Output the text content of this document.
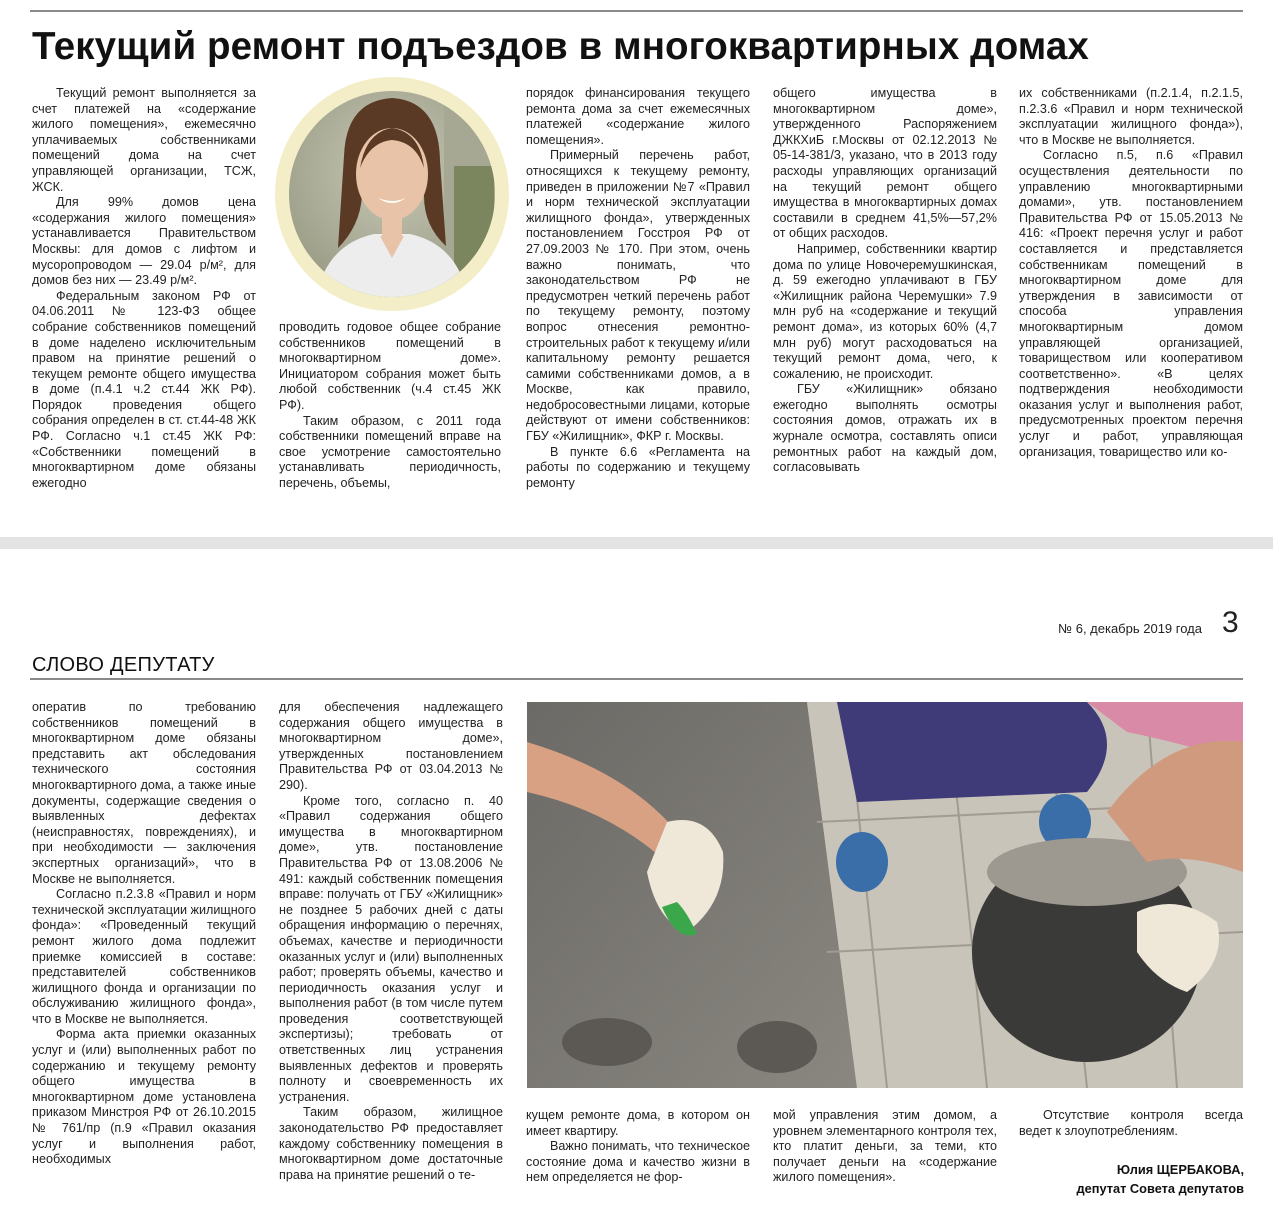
Текущий ремонт подъездов в многоквартирных домах

Текущий ремонт выполняется за счет платежей на «содержание жилого помещения», ежемесячно уплачиваемых собственниками помещений дома на счет управляющей организации, ТСЖ, ЖСК.

Для 99% домов цена «содержания жилого помещения» устанавливается Правительством Москвы: для домов с лифтом и мусоропроводом — 29.04 р/м², для домов без них — 23.49 р/м².

Федеральным законом РФ от 04.06.2011 № 123-ФЗ общее собрание собственников помещений в доме наделено исключительным правом на принятие решений о текущем ремонте общего имущества в доме (п.4.1 ч.2 ст.44 ЖК РФ). Порядок проведения общего собрания определен в ст. ст.44-48 ЖК РФ. Согласно ч.1 ст.45 ЖК РФ: «Собственники помещений в многоквартирном доме обязаны ежегодно

проводить годовое общее собрание собственников помещений в многоквартирном доме». Инициатором собрания может быть любой собственник (ч.4 ст.45 ЖК РФ).

Таким образом, с 2011 года собственники помещений вправе на свое усмотрение самостоятельно устанавливать периодичность, перечень, объемы,

порядок финансирования текущего ремонта дома за счет ежемесячных платежей «содержание жилого помещения».

Примерный перечень работ, относящихся к текущему ремонту, приведен в приложении №7 «Правил и норм технической эксплуатации жилищного фонда», утвержденных постановлением Госстроя РФ от 27.09.2003 № 170. При этом, очень важно понимать, что законодательством РФ не предусмотрен четкий перечень работ по текущему ремонту, поэтому вопрос отнесения ремонтно-строительных работ к текущему и/или капитальному ремонту решается самими собственниками домов, а в Москве, как правило, недобросовестными лицами, которые действуют от имени собственников: ГБУ «Жилищник», ФКР г. Москвы.

В пункте 6.6 «Регламента на работы по содержанию и текущему ремонту

общего имущества в многоквартирном доме», утвержденного Распоряжением ДЖКХиБ г.Москвы от 02.12.2013 № 05-14-381/3, указано, что в 2013 году расходы управляющих организаций на текущий ремонт общего имущества в многоквартирных домах составили в среднем 41,5%—57,2% от общих расходов.

Например, собственники квартир дома по улице Новочеремушкинская, д. 59 ежегодно уплачивают в ГБУ «Жилищник района Черемушки» 7.9 млн руб на «содержание и текущий ремонт дома», из которых 60% (4,7 млн руб) могут расходоваться на текущий ремонт дома, чего, к сожалению, не происходит.

ГБУ «Жилищник» обязано ежегодно выполнять осмотры состояния домов, отражать их в журнале осмотра, составлять описи ремонтных работ на каждый дом, согласовывать

их собственниками (п.2.1.4, п.2.1.5, п.2.3.6 «Правил и норм технической эксплуатации жилищного фонда»), что в Москве не выполняется.

Согласно п.5, п.6 «Правил осуществления деятельности по управлению многоквартирными домами», утв. постановлением Правительства РФ от 15.05.2013 № 416: «Проект перечня услуг и работ составляется и представляется собственникам помещений в многоквартирном доме для утверждения в зависимости от способа управления многоквартирным домом управляющей организацией, товариществом или кооперативом соответственно». «В целях подтверждения необходимости оказания услуг и выполнения работ, предусмотренных проектом перечня услуг и работ, управляющая организация, товарищество или ко-

№ 6, декабрь 2019 года 3
СЛОВО ДЕПУТАТУ

оператив по требованию собственников помещений в многоквартирном доме обязаны представить акт обследования технического состояния многоквартирного дома, а также иные документы, содержащие сведения о выявленных дефектах (неисправностях, повреждениях), и при необходимости — заключения экспертных организаций», что в Москве не выполняется.

Согласно п.2.3.8 «Правил и норм технической эксплуатации жилищного фонда»: «Проведенный текущий ремонт жилого дома подлежит приемке комиссией в составе: представителей собственников жилищного фонда и организации по обслуживанию жилищного фонда», что в Москве не выполняется.

Форма акта приемки оказанных услуг и (или) выполненных работ по содержанию и текущему ремонту общего имущества в многоквартирном доме установлена приказом Минстроя РФ от 26.10.2015 № 761/пр (п.9 «Правил оказания услуг и выполнения работ, необходимых

для обеспечения надлежащего содержания общего имущества в многоквартирном доме», утвержденных постановлением Правительства РФ от 03.04.2013 № 290).

Кроме того, согласно п. 40 «Правил содержания общего имущества в многоквартирном доме», утв. постановление Правительства РФ от 13.08.2006 № 491: каждый собственник помещения вправе: получать от ГБУ «Жилищник» не позднее 5 рабочих дней с даты обращения информацию о перечнях, объемах, качестве и периодичности оказанных услуг и (или) выполненных работ; проверять объемы, качество и периодичность оказания услуг и выполнения работ (в том числе путем проведения соответствующей экспертизы); требовать от ответственных лиц устранения выявленных дефектов и проверять полноту и своевременность их устранения.

Таким образом, жилищное законодательство РФ предоставляет каждому собственнику помещения в многоквартирном доме достаточные права на принятие решений о те-

кущем ремонте дома, в котором он имеет квартиру.

Важно понимать, что техническое состояние дома и качество жизни в нем определяется не фор-

мой управления этим домом, а уровнем элементарного контроля тех, кто платит деньги, за теми, кто получает деньги на «содержание жилого помещения».

Отсутствие контроля всегда ведет к злоупотреблениям.

Юлия ЩЕРБАКОВА,
депутат Совета депутатов
